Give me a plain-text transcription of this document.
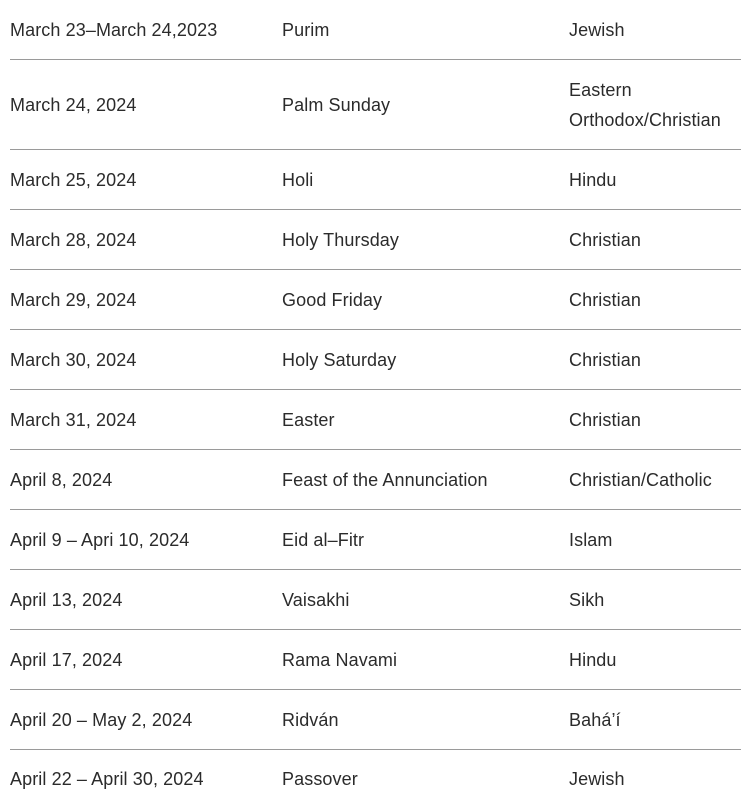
March 23–March 24,2023	Purim	Jewish
March 24, 2024	Palm Sunday	Eastern Orthodox/Christian
March 25, 2024	Holi	Hindu
March 28, 2024	Holy Thursday	Christian
March 29, 2024	Good Friday	Christian
March 30, 2024	Holy Saturday	Christian
March 31, 2024	Easter	Christian
April 8, 2024	Feast of the Annunciation	Christian/Catholic
April 9 – Apri 10, 2024	Eid al–Fitr	Islam
April 13, 2024	Vaisakhi	Sikh
April 17, 2024	Rama Navami	Hindu
April 20 – May 2, 2024	Ridván	Bahá’í
April 22 – April 30, 2024	Passover	Jewish
